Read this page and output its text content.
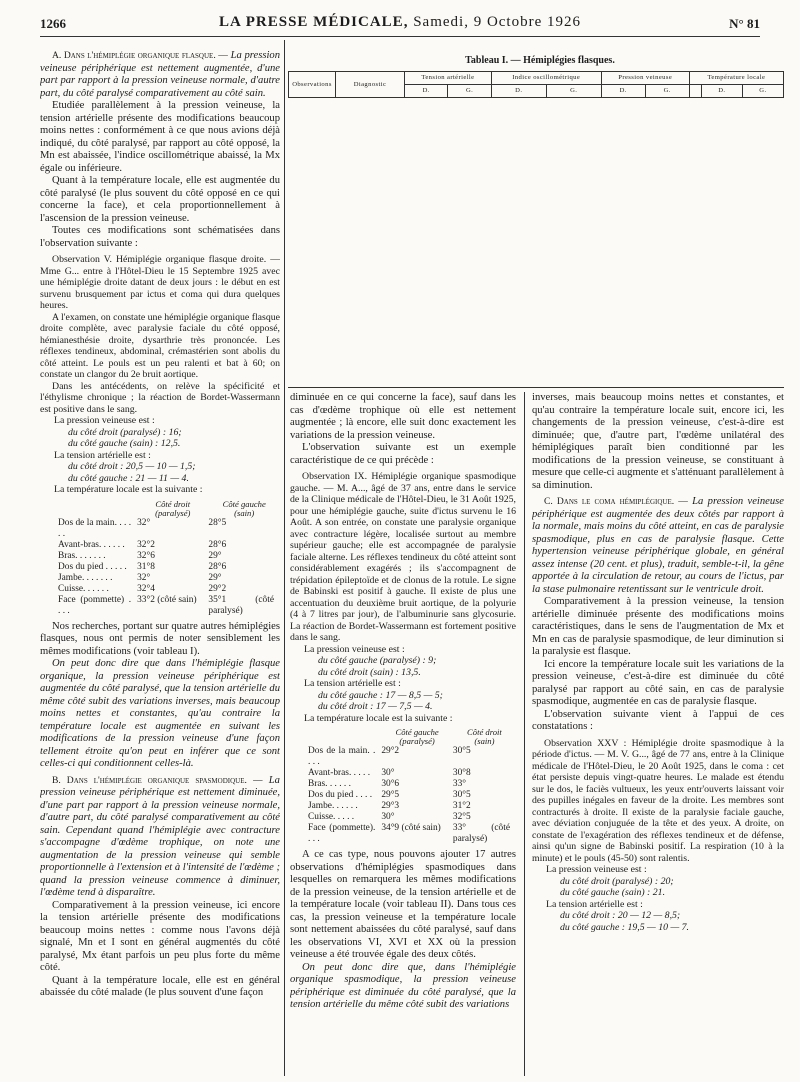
1266	LA PRESSE MÉDICALE, Samedi, 9 Octobre 1926	N° 81

A. Dans l'hémiplégie organique flasque. — La pression veineuse périphérique est nettement augmentée, d'une part par rapport à la pression veineuse normale, d'autre part, du côté paralysé comparativement au côté sain.

Etudiée parallèlement à la pression veineuse, la tension artérielle présente des modifications beaucoup moins nettes : conformément à ce que nous avions déjà indiqué, du côté paralysé, par rapport au côté opposé, la Mn est abaissée, l'indice oscillométrique abaissé, la Mx égale ou inférieure.

Quant à la température locale, elle est augmentée du côté paralysé (le plus souvent du côté opposé en ce qui concerne la face), et cela proportionnellement à l'ascension de la pression veineuse.

Toutes ces modifications sont schématisées dans l'observation suivante :

Observation V. Hémiplégie organique flasque droite. — Mme G... entre à l'Hôtel-Dieu le 15 Septembre 1925 avec une hémiplégie droite datant de deux jours : le début en est survenu brusquement par ictus et coma qui dura quelques heures.

A l'examen, on constate une hémiplégie organique flasque droite complète, avec paralysie faciale du côté opposé, hémianesthésie droite, dysarthrie très prononcée. Les réflexes tendineux, abdominal, crémastérien sont abolis du côté atteint. Le pouls est un peu ralenti et bat à 60; on constate un clangor du 2e bruit aortique.

Dans les antécédents, on relève la spécificité et l'éthylisme chronique ; la réaction de Bordet-Wassermann est positive dans le sang.

La pression veineuse est :
du côté droit (paralysé) : 16;
du côté gauche (sain) : 12,5.
La tension artérielle est :
du côté droit : 20,5 — 10 — 1,5;
du côté gauche : 21 — 11 — 4.
La température locale est la suivante :
	Côté droit (paralysé)	Côté gauche (sain)
Dos de la main. . . . . .	32°	28°5
Avant-bras. . . . . .	32°2	28°6
Bras. . . . . . .	32°6	29°
Dos du pied . . . . .	31°8	28°6
Jambe. . . . . . .	32°	29°
Cuisse. . . . . .	32°4	29°2
Face (pommette) . . . .	33°2 (côté sain)	35°1 (côté paralysé)

Nos recherches, portant sur quatre autres hémiplégies flasques, nous ont permis de noter sensiblement les mêmes modifications (voir tableau I).

On peut donc dire que dans l'hémiplégie flasque organique, la pression veineuse périphérique est augmentée du côté paralysé, que la tension artérielle du même côté subit des variations inverses, mais beaucoup moins nettes et constantes, qu'au contraire la température locale est augmentée en suivant les modifications de la pression veineuse d'une façon tellement étroite qu'on peut en inférer que ce sont celles-ci qui conditionnent celles-là.

B. Dans l'hémiplégie organique spasmodique. — La pression veineuse périphérique est nettement diminuée, d'une part par rapport à la pression veineuse normale, d'autre part, du côté paralysé comparativement au côté sain. Cependant quand l'hémiplégie avec contracture s'accompagne d'œdème trophique, on note une augmentation de la pression veineuse qui semble proportionnelle à l'extension et à l'intensité de l'œdème ; quand la pression veineuse commence à diminuer, l'œdème tend à disparaître.

Comparativement à la pression veineuse, ici encore la tension artérielle présente des modifications beaucoup moins nettes : comme nous l'avons déjà signalé, Mn et I sont en général augmentés du côté paralysé, Mx étant parfois un peu plus forte du même côté.

Quant à la température locale, elle est en général abaissée du côté malade (le plus souvent d'une façon

Tableau I. — Hémiplégies flasques.
Observations	Diagnostic	Tension artérielle		Indice oscillométrique		Pression veineuse		Température locale		
		D.	G.	D.	G.	D.	G.		D.	G.

diminuée en ce qui concerne la face), sauf dans les cas d'œdème trophique où elle est nettement augmentée ; là encore, elle suit donc exactement les variations de la pression veineuse.

L'observation suivante est un exemple caractéristique de ce qui précède :

Observation IX. Hémiplégie organique spasmodique gauche. — M. A..., âgé de 37 ans, entre dans le service de la Clinique médicale de l'Hôtel-Dieu, le 31 Août 1925, pour une hémiplégie gauche, suite d'ictus survenu le 16 Août. A son entrée, on constate une paralysie organique avec contracture légère, localisée surtout au membre supérieur gauche; elle est accompagnée de paralysie faciale alterne. Les réflexes tendineux du côté atteint sont considérablement exagérés ; ils s'accompagnent de trépidation épileptoïde et de clonus de la rotule. Le signe de Babinski est positif à gauche. Il existe de plus une accentuation du deuxième bruit aortique, de la polyurie (4 à 7 litres par jour), de l'albuminurie sans glycosurie. La réaction de Bordet-Wassermann est fortement positive dans le sang.

La pression veineuse est :
du côté gauche (paralysé) : 9;
du côté droit (sain) : 13,5.
La tension artérielle est :
du côté gauche : 17 — 8,5 — 5;
du côté droit : 17 — 7,5 — 4.
La température locale est la suivante :
	Côté gauche (paralysé)	Côté droit (sain)
Dos de la main. . . . .	29°2	30°5
Avant-bras. . . . .	30°	30°8
Bras. . . . . .	30°6	33°
Dos du pied . . . .	29°5	30°5
Jambe. . . . . .	29°3	31°2
Cuisse. . . . .	30°	32°5
Face (pommette). . . .	34°9 (côté sain)	33° (côté paralysé)

A ce cas type, nous pouvons ajouter 17 autres observations d'hémiplégies spasmodiques dans lesquelles on remarquera les mêmes modifications de la pression veineuse, de la tension artérielle et de la température locale (voir tableau II). Dans tous ces cas, la pression veineuse et la température locale sont nettement abaissées du côté paralysé, sauf dans les observations VI, XVI et XX où la pression veineuse a été trouvée égale des deux côtés.

On peut donc dire que, dans l'hémiplégie organique spasmodique, la pression veineuse périphérique est diminuée du côté paralysé, que la tension artérielle du même côté subit des variations

inverses, mais beaucoup moins nettes et constantes, et qu'au contraire la température locale suit, encore ici, les changements de la pression veineuse, c'est-à-dire est diminuée; que, d'autre part, l'œdème unilatéral des hémiplégiques paraît bien conditionné par les modifications de la pression veineuse, se constituant à mesure que celle-ci augmente et s'atténuant parallèlement à sa diminution.

C. Dans le coma hémiplégique. — La pression veineuse périphérique est augmentée des deux côtés par rapport à la normale, mais moins du côté atteint, en cas de paralysie spasmodique, plus en cas de paralysie flasque. Cette hypertension veineuse périphérique globale, en général assez intense (20 cent. et plus), traduit, semble-t-il, la gêne apportée à la circulation de retour, au cours de l'ictus, par la stase pulmonaire retentissant sur le ventricule droit.

Comparativement à la pression veineuse, la tension artérielle diminuée présente des modifications moins caractéristiques, dans le sens de l'augmentation de Mx et Mn en cas de paralysie spasmodique, de leur diminution si la paralysie est flasque.

Ici encore la température locale suit les variations de la pression veineuse, c'est-à-dire est diminuée du côté paralysé par rapport au côté sain, en cas de paralysie spasmodique, augmentée en cas de paralysie flasque.

L'observation suivante vient à l'appui de ces constatations :

Observation XXV : Hémiplégie droite spasmodique à la période d'ictus. — M. V. G..., âgé de 77 ans, entre à la Clinique médicale de l'Hôtel-Dieu, le 20 Août 1925, dans le coma : cet état persiste depuis vingt-quatre heures. Le malade est étendu sur le dos, le faciès vultueux, les yeux entr'ouverts laissant voir des pupilles inégales en faveur de la droite. Les membres sont contracturés à droite. Il existe de la paralysie faciale gauche, avec déviation conjuguée de la tête et des yeux. A droite, on constate de l'exagération des réflexes tendineux et de défense, ainsi qu'un signe de Babinski positif. La respiration (10 à la minute) et le pouls (45-50) sont ralentis.

La pression veineuse est :
du côté droit (paralysé) : 20;
du côté gauche (sain) : 21.
La tension artérielle est :
du côté droit : 20 — 12 — 8,5;
du côté gauche : 19,5 — 10 — 7.
